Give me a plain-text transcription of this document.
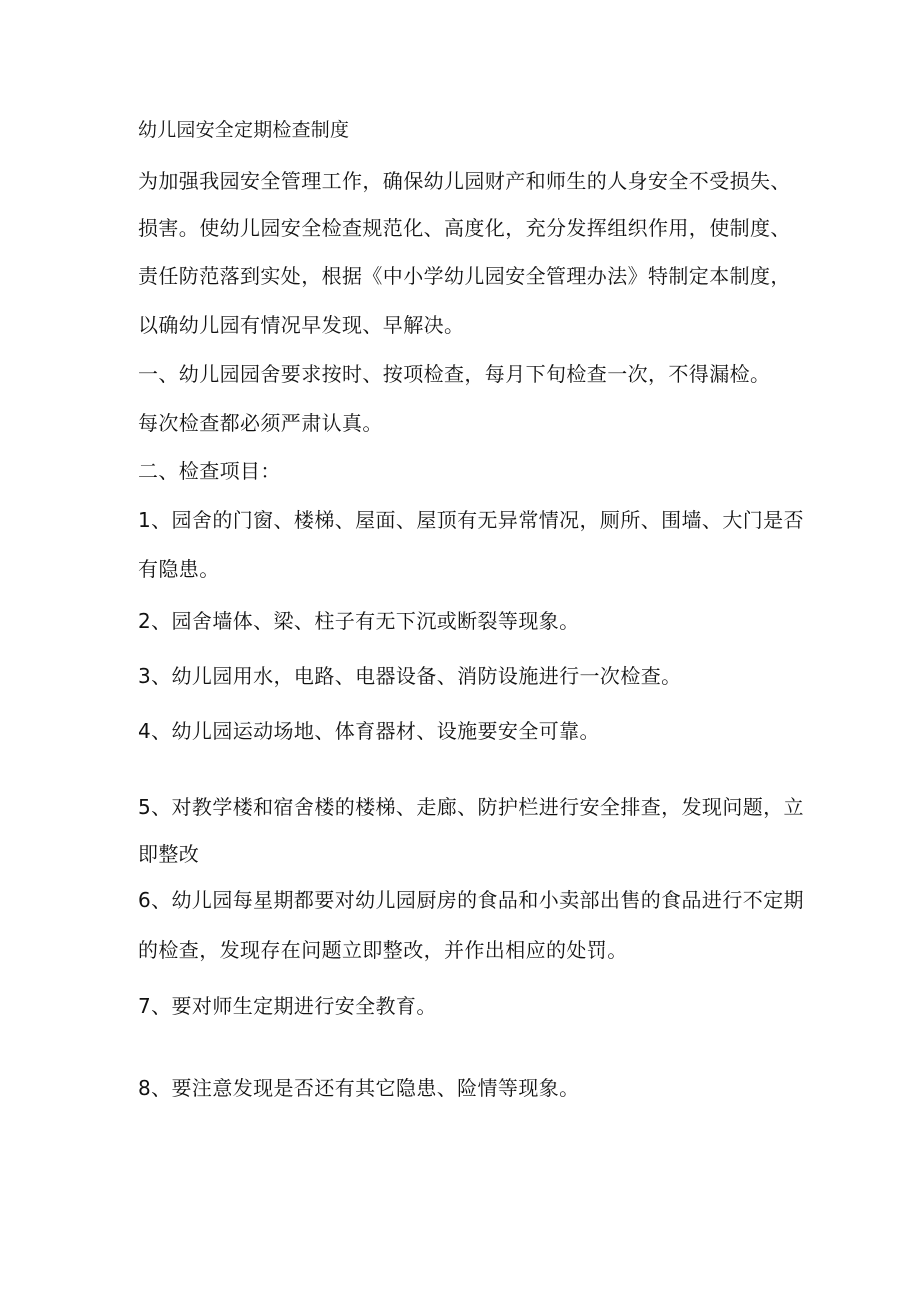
幼儿园安全定期检查制度
为加强我园安全管理工作，确保幼儿园财产和师生的人身安全不受损失、
损害。使幼儿园安全检查规范化、高度化，充分发挥组织作用，使制度、
责任防范落到实处，根据《中小学幼儿园安全管理办法》特制定本制度，
以确幼儿园有情况早发现、早解决。
一、幼儿园园舍要求按时、按项检查，每月下旬检查一次，不得漏检。
每次检查都必须严肃认真。
二、检查项目：
1、园舍的门窗、楼梯、屋面、屋顶有无异常情况，厕所、围墙、大门是否
有隐患。
2、园舍墙体、梁、柱子有无下沉或断裂等现象。
3、幼儿园用水，电路、电器设备、消防设施进行一次检查。
4、幼儿园运动场地、体育器材、设施要安全可靠。
5、对教学楼和宿舍楼的楼梯、走廊、防护栏进行安全排查，发现问题，立
即整改
6、幼儿园每星期都要对幼儿园厨房的食品和小卖部出售的食品进行不定期
的检查，发现存在问题立即整改，并作出相应的处罚。
7、要对师生定期进行安全教育。
8、要注意发现是否还有其它隐患、险情等现象。
